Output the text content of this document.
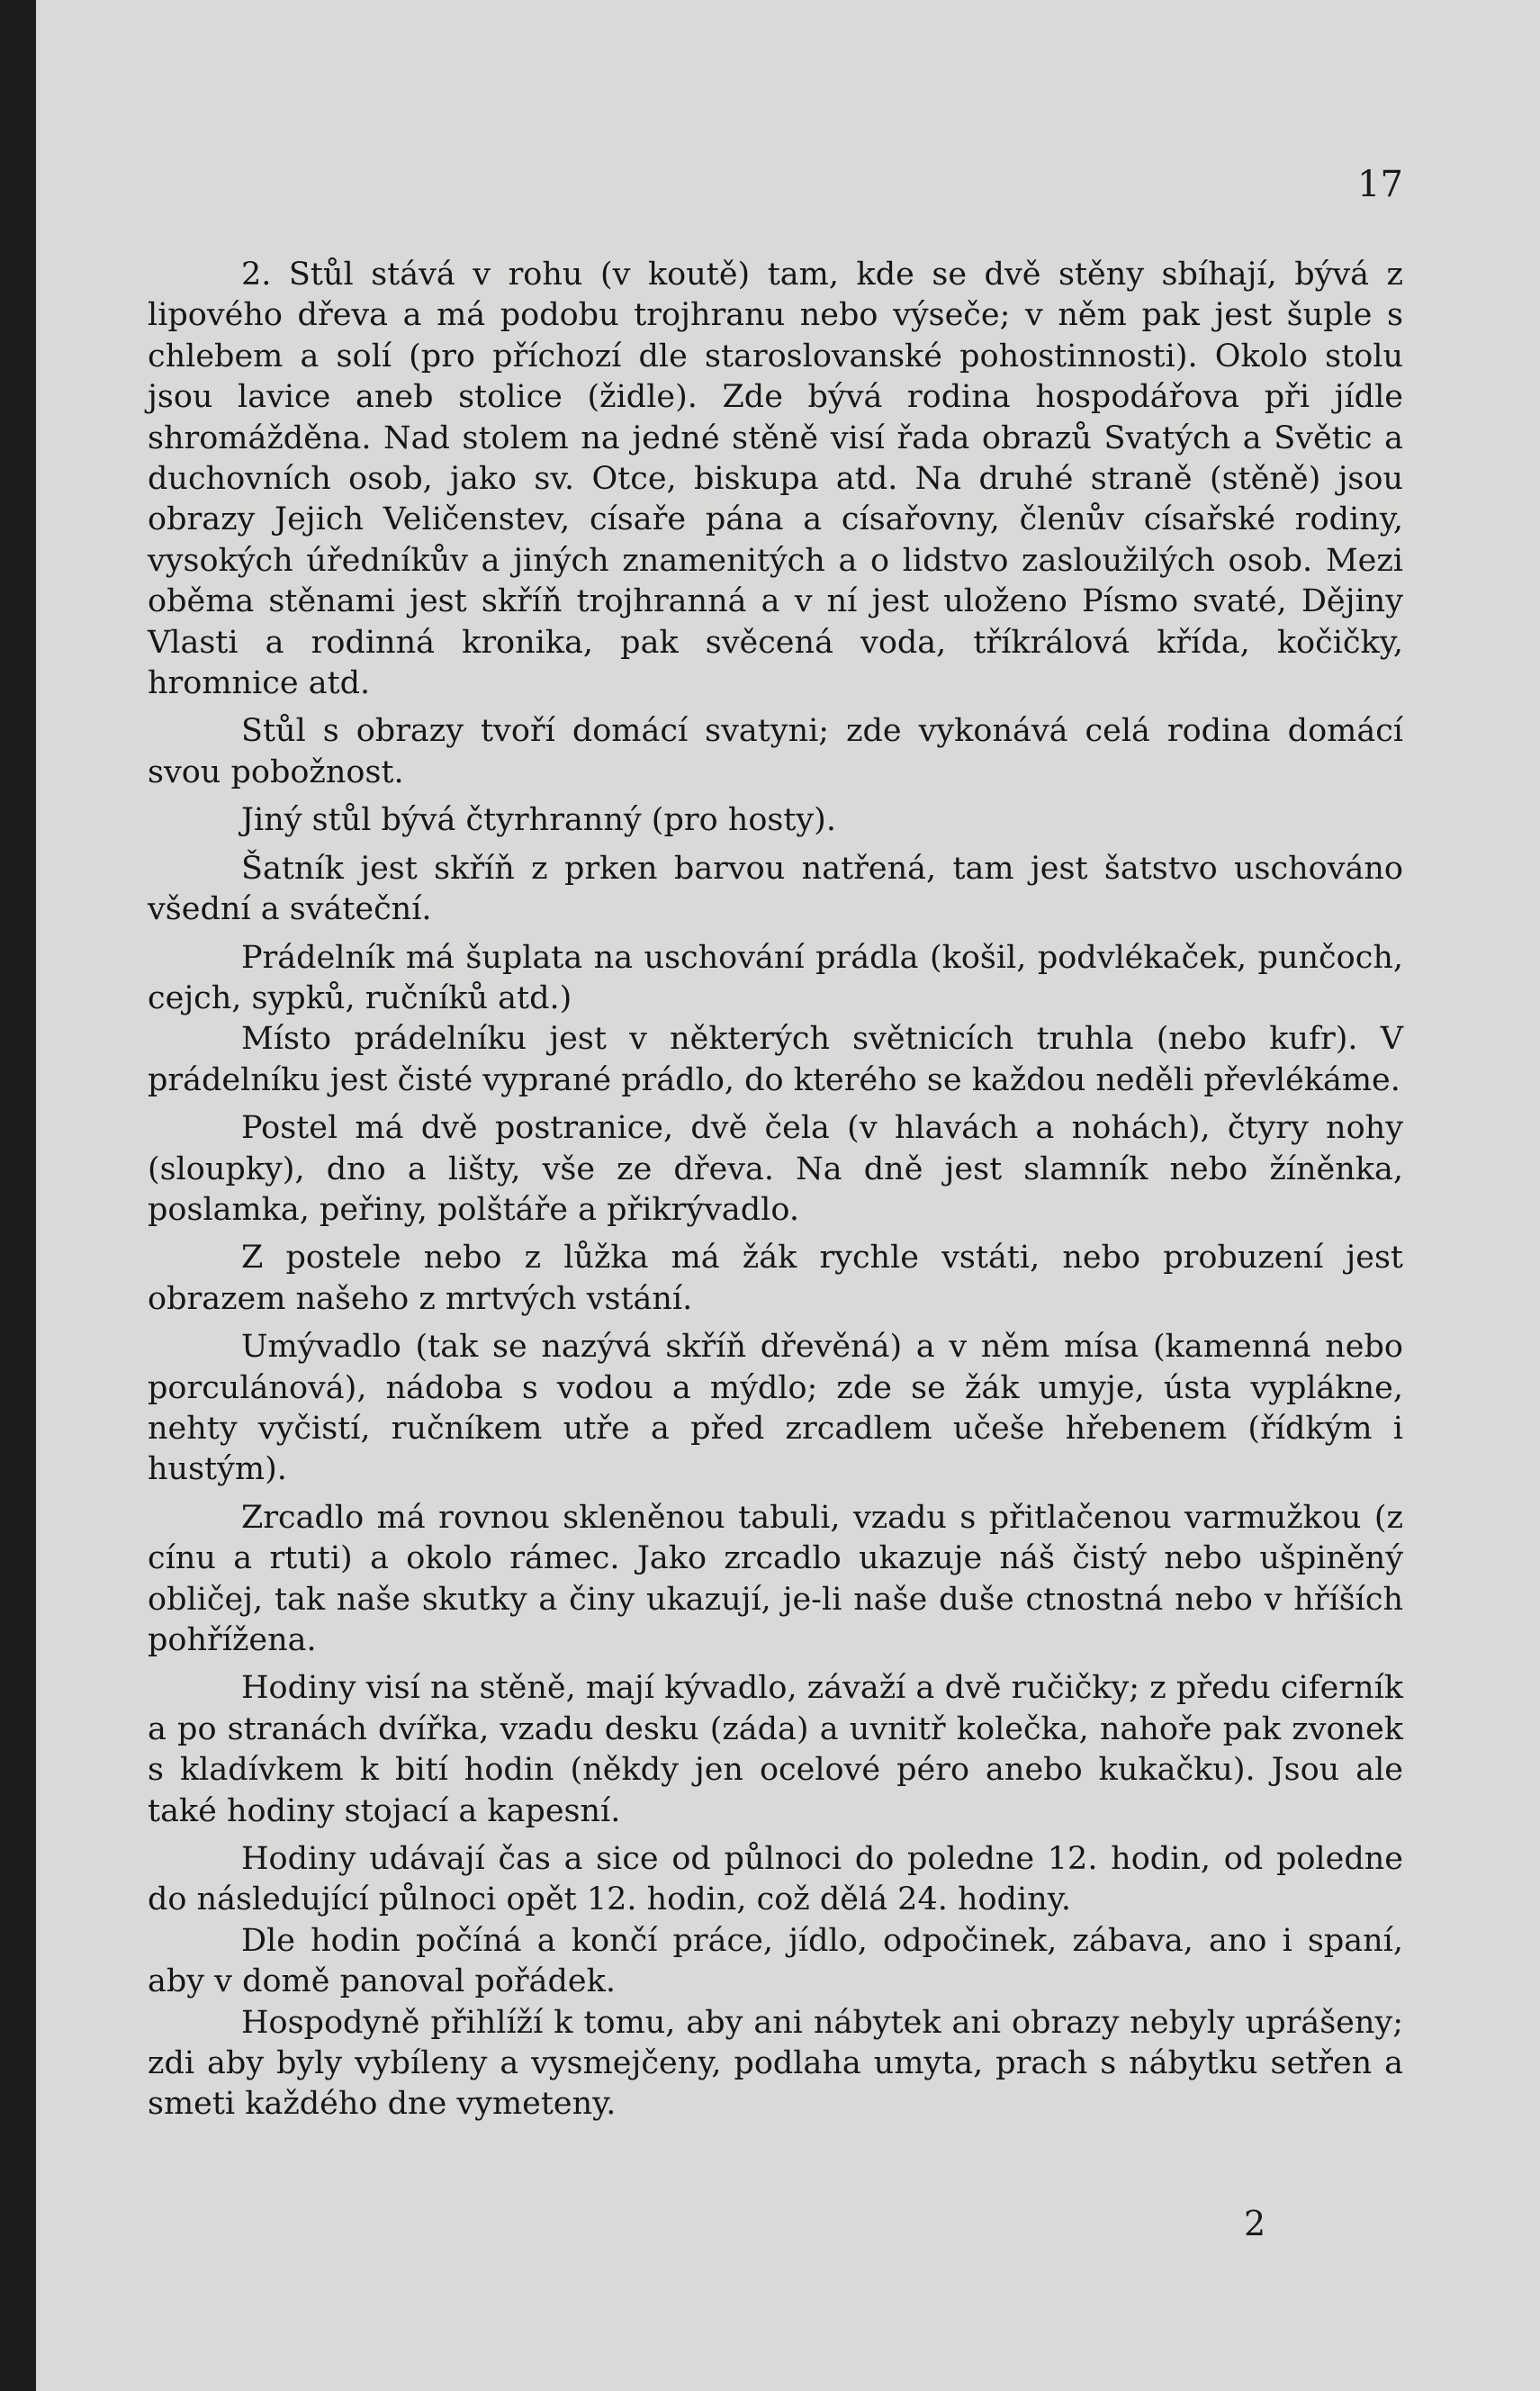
17

2. Stůl stává v rohu (v koutě) tam, kde se dvě stěny sbíhají, bývá z lipového dřeva a má podobu trojhranu nebo výseče; v něm pak jest šuple s chlebem a solí (pro příchozí dle staroslovanské pohostinnosti). Okolo stolu jsou lavice aneb stolice (židle). Zde bývá rodina hospodářova při jídle shromážděna. Nad stolem na jedné stěně visí řada obrazů Svatých a Světic a duchovních osob, jako sv. Otce, biskupa atd. Na druhé straně (stěně) jsou obrazy Jejich Veličenstev, císaře pána a císařovny, členův císařské rodiny, vysokých úředníkův a jiných znamenitých a o lidstvo zasloužilých osob. Mezi oběma stěnami jest skříň trojhranná a v ní jest uloženo Písmo svaté, Dějiny Vlasti a rodinná kronika, pak svěcená voda, tříkrálová křída, kočičky, hromnice atd.

Stůl s obrazy tvoří domácí svatyni; zde vykonává celá rodina domácí svou pobožnost.

Jiný stůl bývá čtyrhranný (pro hosty).

Šatník jest skříň z prken barvou natřená, tam jest šatstvo uschováno všední a sváteční.

Prádelník má šuplata na uschování prádla (košil, podvlékaček, punčoch, cejch, sypků, ručníků atd.)

Místo prádelníku jest v některých světnicích truhla (nebo kufr). V prádelníku jest čisté vyprané prádlo, do kterého se každou neděli převlékáme.

Postel má dvě postranice, dvě čela (v hlavách a nohách), čtyry nohy (sloupky), dno a lišty, vše ze dřeva. Na dně jest slamník nebo žíněnka, poslamka, peřiny, polštáře a přikrývadlo.

Z postele nebo z lůžka má žák rychle vstáti, nebo probuzení jest obrazem našeho z mrtvých vstání.

Umývadlo (tak se nazývá skříň dřevěná) a v něm mísa (kamenná nebo porculánová), nádoba s vodou a mýdlo; zde se žák umyje, ústa vyplákne, nehty vyčistí, ručníkem utře a před zrcadlem učeše hřebenem (řídkým i hustým).

Zrcadlo má rovnou skleněnou tabuli, vzadu s přitlačenou varmužkou (z cínu a rtuti) a okolo rámec. Jako zrcadlo ukazuje náš čistý nebo ušpiněný obličej, tak naše skutky a činy ukazují, je-li naše duše ctnostná nebo v hříších pohřížena.

Hodiny visí na stěně, mají kývadlo, závaží a dvě ručičky; z předu ciferník a po stranách dvířka, vzadu desku (záda) a uvnitř kolečka, nahoře pak zvonek s kladívkem k bití hodin (někdy jen ocelové péro anebo kukačku). Jsou ale také hodiny stojací a kapesní.

Hodiny udávají čas a sice od půlnoci do poledne 12. hodin, od poledne do následující půlnoci opět 12. hodin, což dělá 24. hodiny.

Dle hodin počíná a končí práce, jídlo, odpočinek, zábava, ano i spaní, aby v domě panoval pořádek.

Hospodyně přihlíží k tomu, aby ani nábytek ani obrazy nebyly uprášeny; zdi aby byly vybíleny a vysmejčeny, podlaha umyta, prach s nábytku setřen a smeti každého dne vymeteny.

2
